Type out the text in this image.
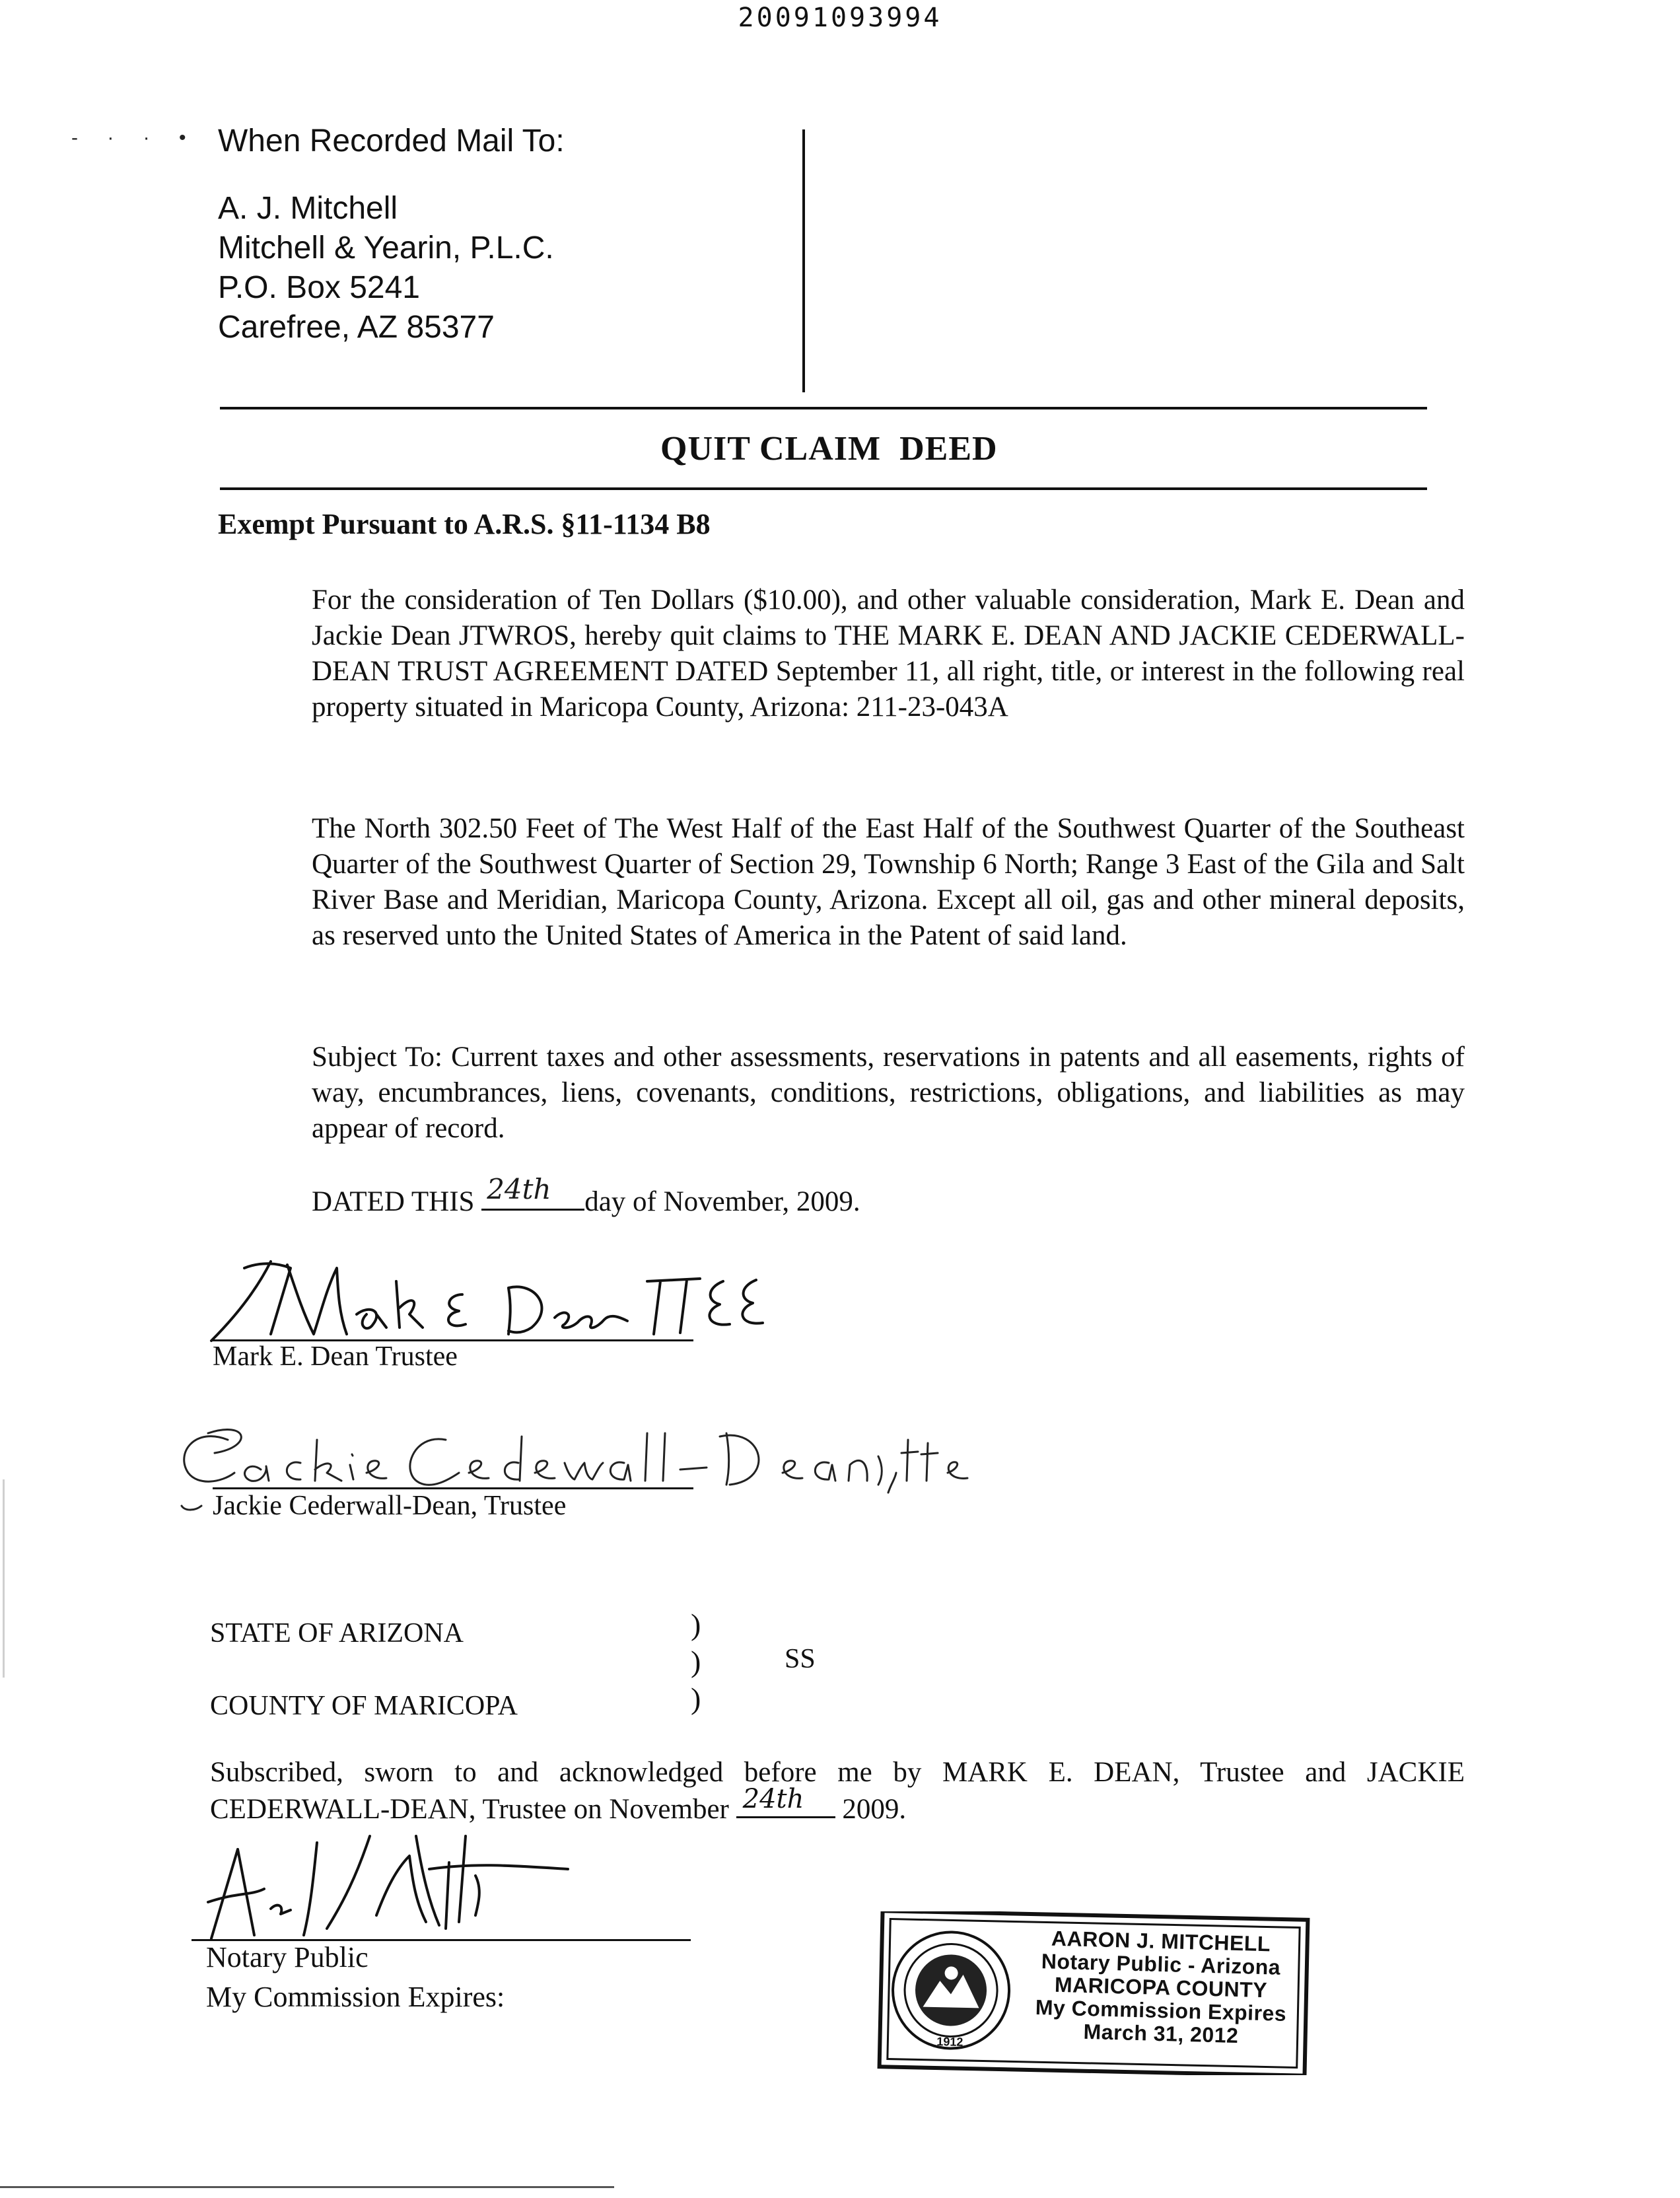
20091093994
- · · • When Recorded Mail To:
A. J. Mitchell
Mitchell & Yearin, P.L.C.
P.O. Box 5241
Carefree, AZ 85377
QUIT CLAIM  DEED
Exempt Pursuant to A.R.S. §11-1134 B8
For the consideration of Ten Dollars ($10.00), and other valuable consideration, Mark E. Dean and Jackie Dean JTWROS, hereby quit claims to THE MARK E. DEAN AND JACKIE CEDERWALL-DEAN TRUST AGREEMENT DATED September 11, all right, title, or interest in the following real property situated in Maricopa County, Arizona: 211-23-043A
The North 302.50 Feet of The West Half of the East Half of the Southwest Quarter of the Southeast Quarter of the Southwest Quarter of Section 29, Township 6 North; Range 3 East of the Gila and Salt River Base and Meridian, Maricopa County, Arizona. Except all oil, gas and other mineral deposits, as reserved unto the United States of America in the Patent of said land.
Subject To: Current taxes and other assessments, reservations in patents and all easements, rights of way, encumbrances, liens, covenants, conditions, restrictions, obligations, and liabilities as may appear of record.
DATED THIS 24th day of November, 2009.
Mark E. Dean Trustee
Jackie Cederwall-Dean, Trustee
STATE OF ARIZONA
COUNTY OF MARICOPA
)
)
)
SS
Subscribed, sworn to and acknowledged before me by MARK E. DEAN, Trustee and JACKIE CEDERWALL-DEAN, Trustee on November 24th 2009.
Notary Public
My Commission Expires:
1912
AARON J. MITCHELL
Notary Public - Arizona
MARICOPA COUNTY
My Commission Expires
March 31, 2012
